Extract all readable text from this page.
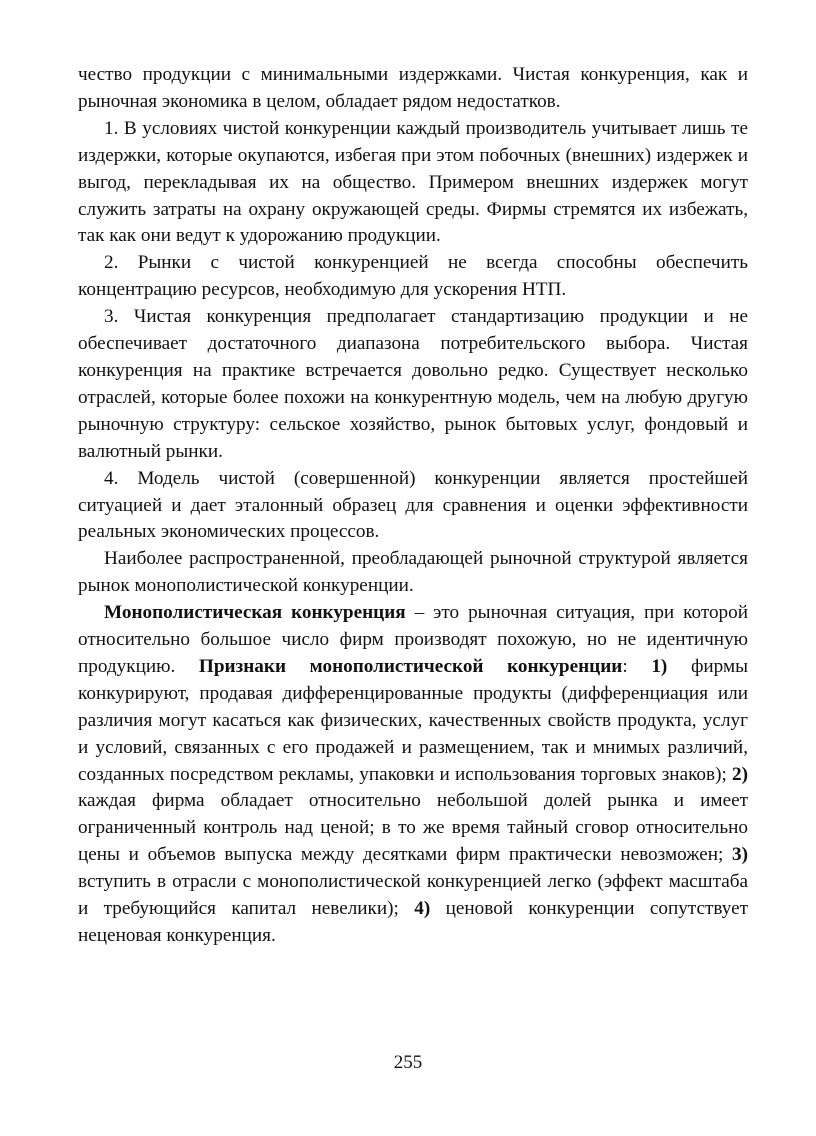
чество продукции с минимальными издержками. Чистая конкуренция, как и рыночная экономика в целом, обладает рядом недостатков.

1. В условиях чистой конкуренции каждый производитель учитывает лишь те издержки, которые окупаются, избегая при этом побочных (внешних) издержек и выгод, перекладывая их на общество. Примером внешних издержек могут служить затраты на охрану окружающей среды. Фирмы стремятся их избежать, так как они ведут к удорожанию продукции.

2. Рынки с чистой конкуренцией не всегда способны обеспечить концентрацию ресурсов, необходимую для ускорения НТП.

3. Чистая конкуренция предполагает стандартизацию продукции и не обеспечивает достаточного диапазона потребительского выбора. Чистая конкуренция на практике встречается довольно редко. Существует несколько отраслей, которые более похожи на конкурентную модель, чем на любую другую рыночную структуру: сельское хозяйство, рынок бытовых услуг, фондовый и валютный рынки.

4. Модель чистой (совершенной) конкуренции является простейшей ситуацией и дает эталонный образец для сравнения и оценки эффективности реальных экономических процессов.

Наиболее распространенной, преобладающей рыночной структурой является рынок монополистической конкуренции.

Монополистическая конкуренция – это рыночная ситуация, при которой относительно большое число фирм производят похожую, но не идентичную продукцию. Признаки монополистической конкуренции: 1) фирмы конкурируют, продавая дифференцированные продукты (дифференциация или различия могут касаться как физических, качественных свойств продукта, услуг и условий, связанных с его продажей и размещением, так и мнимых различий, созданных посредством рекламы, упаковки и использования торговых знаков); 2) каждая фирма обладает относительно небольшой долей рынка и имеет ограниченный контроль над ценой; в то же время тайный сговор относительно цены и объемов выпуска между десятками фирм практически невозможен; 3) вступить в отрасли с монополистической конкуренцией легко (эффект масштаба и требующийся капитал невелики); 4) ценовой конкуренции сопутствует неценовая конкуренция.

255
